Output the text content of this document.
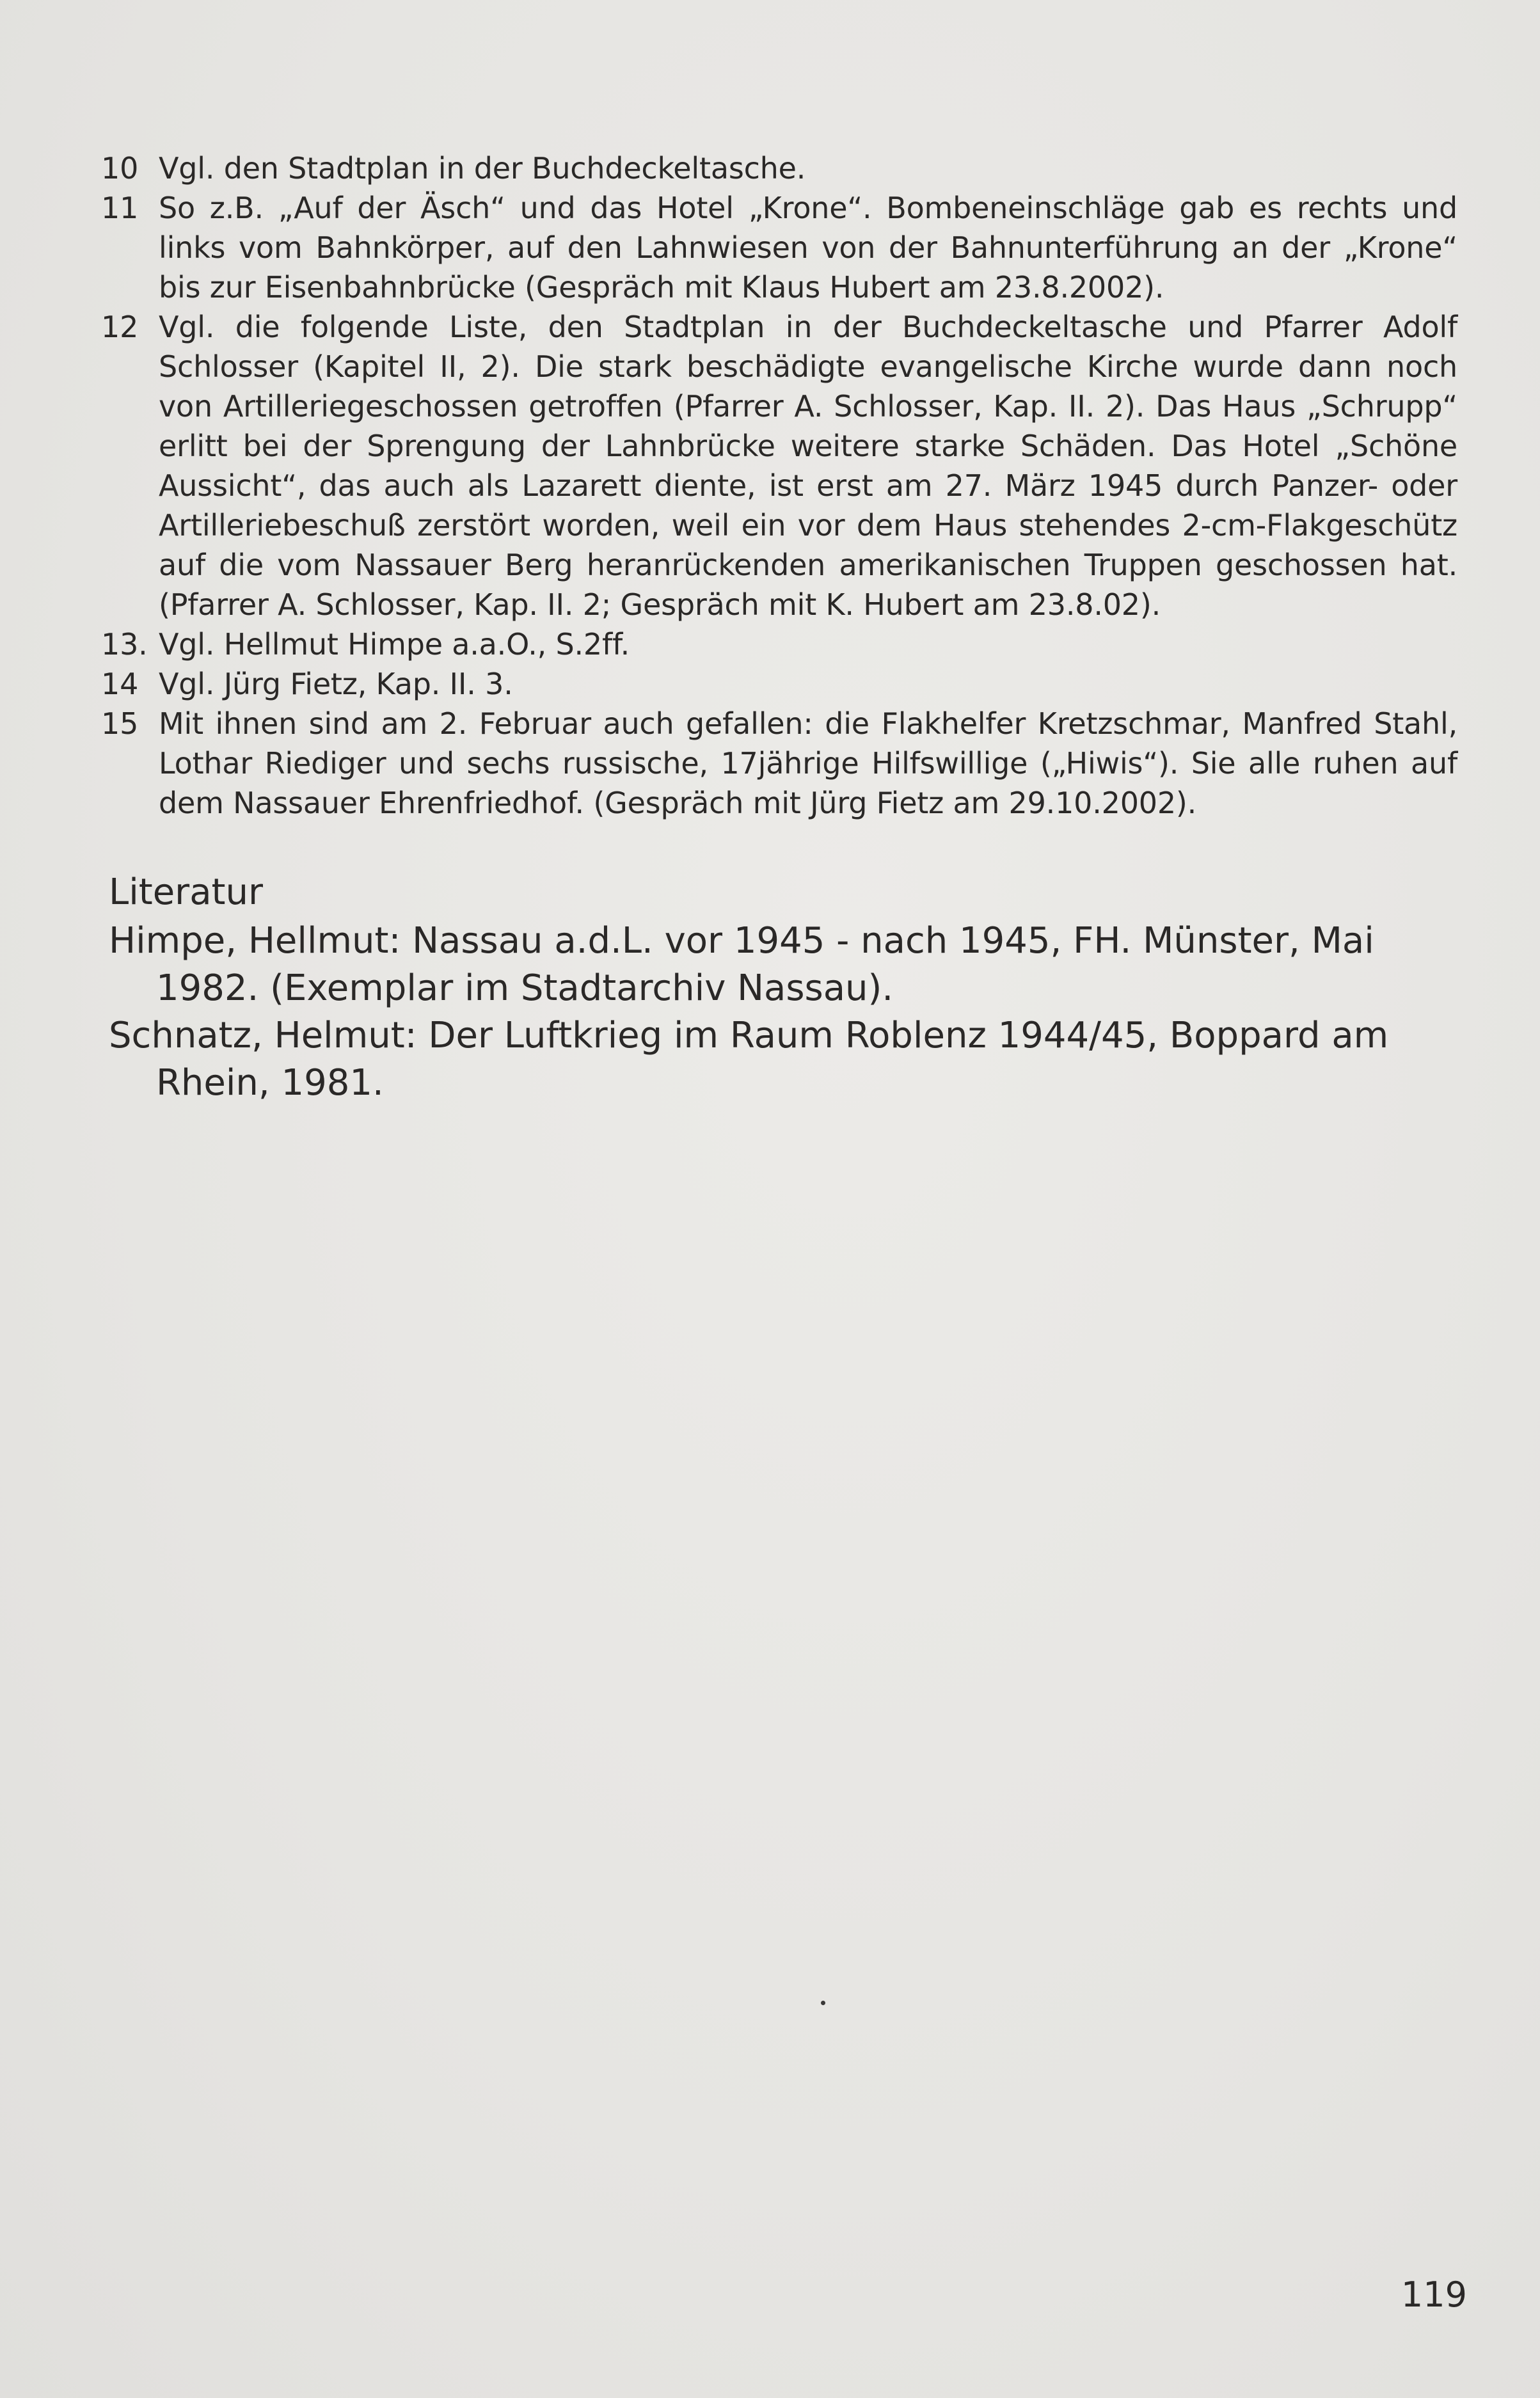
10 Vgl. den Stadtplan in der Buchdeckeltasche.
11 So z.B. „Auf der Äsch“ und das Hotel „Krone“. Bombeneinschläge gab es rechts und links vom Bahnkörper, auf den Lahnwiesen von der Bahnunterführung an der „Krone“ bis zur Eisenbahnbrücke (Gespräch mit Klaus Hubert am 23.8.2002).
12 Vgl. die folgende Liste, den Stadtplan in der Buchdeckeltasche und Pfarrer Adolf Schlosser (Kapitel II, 2). Die stark beschädigte evangelische Kirche wurde dann noch von Artilleriegeschossen getroffen (Pfarrer A. Schlosser, Kap. II. 2). Das Haus „Schrupp“ erlitt bei der Sprengung der Lahnbrücke weitere starke Schäden. Das Hotel „Schöne Aussicht“, das auch als Lazarett diente, ist erst am 27. März 1945 durch Panzer- oder Artilleriebeschuß zerstört worden, weil ein vor dem Haus stehendes 2-cm-Flakgeschütz auf die vom Nassauer Berg heranrückenden amerikanischen Truppen geschossen hat. (Pfarrer A. Schlosser, Kap. II. 2; Gespräch mit K. Hubert am 23.8.02).
13. Vgl. Hellmut Himpe a.a.O., S.2ff.
14 Vgl. Jürg Fietz, Kap. II. 3.
15 Mit ihnen sind am 2. Februar auch gefallen: die Flakhelfer Kretzschmar, Manfred Stahl, Lothar Riediger und sechs russische, 17jährige Hilfswillige („Hiwis“). Sie alle ruhen auf dem Nassauer Ehrenfriedhof. (Gespräch mit Jürg Fietz am 29.10.2002).
Literatur
Himpe, Hellmut: Nassau a.d.L. vor 1945 - nach 1945, FH. Münster, Mai 1982. (Exemplar im Stadtarchiv Nassau).
Schnatz, Helmut: Der Luftkrieg im Raum Roblenz 1944/45, Boppard am Rhein, 1981.
119
